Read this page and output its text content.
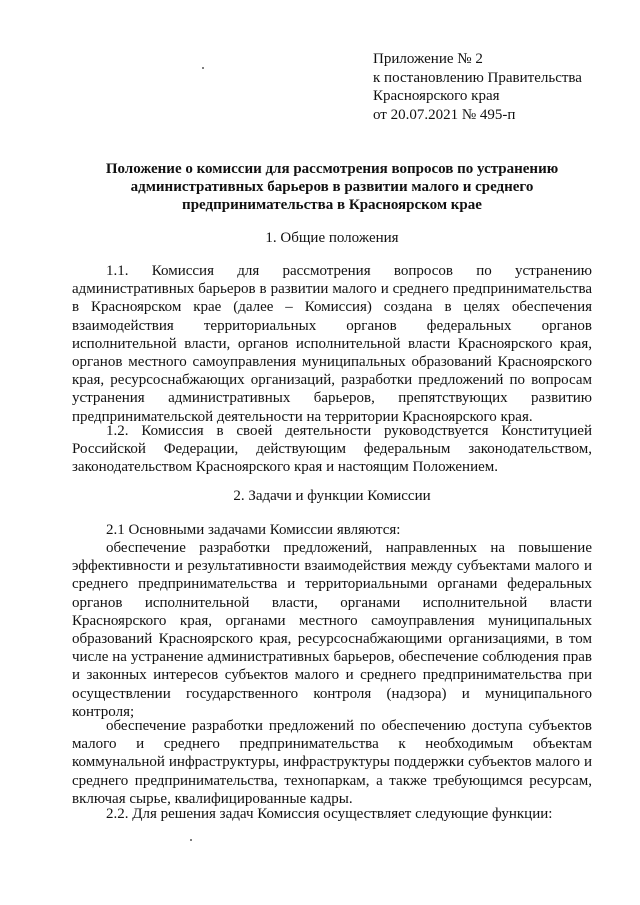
Приложение № 2
к постановлению Правительства
Красноярского края
от 20.07.2021 № 495-п
Положение о комиссии для рассмотрения вопросов по устранению административных барьеров в развитии малого и среднего предпринимательства в Красноярском крае
1. Общие положения

1.1. Комиссия для рассмотрения вопросов по устранению административных барьеров в развитии малого и среднего предпринимательства в Красноярском крае (далее – Комиссия) создана в целях обеспечения взаимодействия территориальных органов федеральных органов исполнительной власти, органов исполнительной власти Красноярского края, органов местного самоуправления муниципальных образований Красноярского края, ресурсоснабжающих организаций, разработки предложений по вопросам устранения административных барьеров, препятствующих развитию предпринимательской деятельности на территории Красноярского края.

1.2. Комиссия в своей деятельности руководствуется Конституцией Российской Федерации, действующим федеральным законодательством, законодательством Красноярского края и настоящим Положением.

2. Задачи и функции Комиссии

2.1 Основными задачами Комиссии являются:

обеспечение разработки предложений, направленных на повышение эффективности и результативности взаимодействия между субъектами малого и среднего предпринимательства и территориальными органами федеральных органов исполнительной власти, органами исполнительной власти Красноярского края, органами местного самоуправления муниципальных образований Красноярского края, ресурсоснабжающими организациями, в том числе на устранение административных барьеров, обеспечение соблюдения прав и законных интересов субъектов малого и среднего предпринимательства при осуществлении государственного контроля (надзора) и муниципального контроля;

обеспечение разработки предложений по обеспечению доступа субъектов малого и среднего предпринимательства к необходимым объектам коммунальной инфраструктуры, инфраструктуры поддержки субъектов малого и среднего предпринимательства, технопаркам, а также требующимся ресурсам, включая сырье, квалифицированные кадры.

2.2. Для решения задач Комиссия осуществляет следующие функции:
